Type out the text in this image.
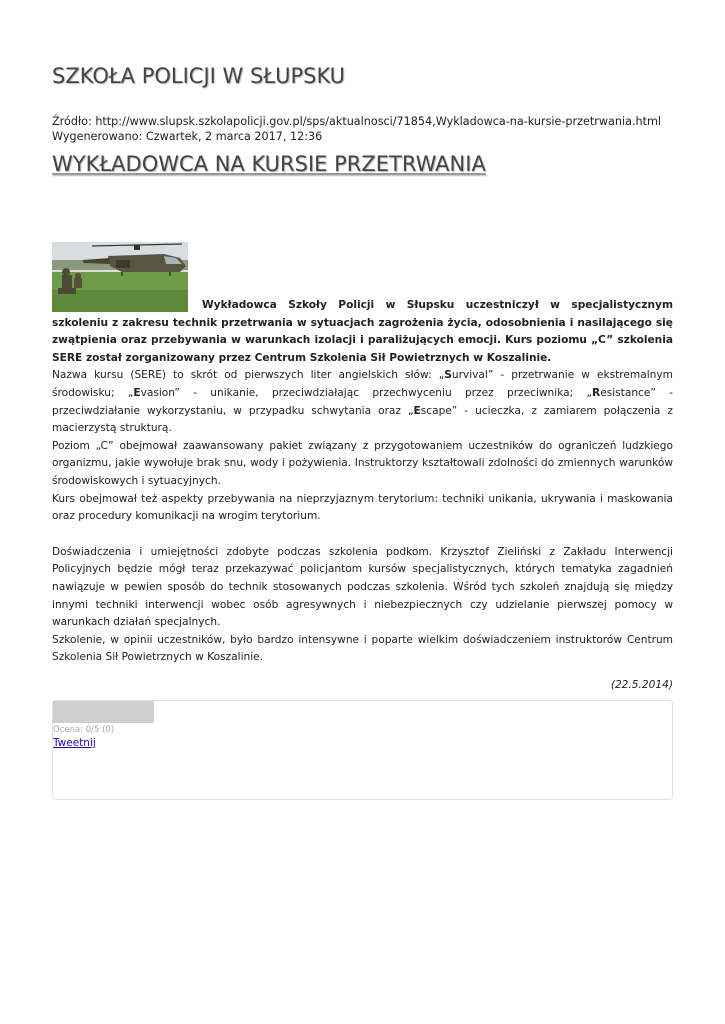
SZKOŁA POLICJI W SŁUPSKU
Źródło: http://www.slupsk.szkolapolicji.gov.pl/sps/aktualnosci/71854,Wykladowca-na-kursie-przetrwania.html
Wygenerowano: Czwartek, 2 marca 2017, 12:36
WYKŁADOWCA NA KURSIE PRZETRWANIA

Wykładowca Szkoły Policji w Słupsku uczestniczył w specjalistycznym szkoleniu z zakresu technik przetrwania w sytuacjach zagrożenia życia, odosobnienia i nasilającego się zwątpienia oraz przebywania w warunkach izolacji i paraliżujących emocji. Kurs poziomu „C” szkolenia SERE został zorganizowany przez Centrum Szkolenia Sił Powietrznych w Koszalinie.

Nazwa kursu (SERE) to skrót od pierwszych liter angielskich słów: „Survival” - przetrwanie w ekstremalnym środowisku; „Evasion” - unikanie, przeciwdziałając przechwyceniu przez przeciwnika; „Resistance” - przeciwdziałanie wykorzystaniu, w przypadku schwytania oraz „Escape” - ucieczka, z zamiarem połączenia z macierzystą strukturą.

Poziom „C” obejmował zaawansowany pakiet związany z przygotowaniem uczestników do ograniczeń ludzkiego organizmu, jakie wywołuje brak snu, wody i pożywienia. Instruktorzy kształtowali zdolności do zmiennych warunków środowiskowych i sytuacyjnych.

Kurs obejmował też aspekty przebywania na nieprzyjaznym terytorium: techniki unikania, ukrywania i maskowania oraz procedury komunikacji na wrogim terytorium.

Doświadczenia i umiejętności zdobyte podczas szkolenia podkom. Krzysztof Zieliński z Zakładu Interwencji Policyjnych będzie mógł teraz przekazywać policjantom kursów specjalistycznych, których tematyka zagadnień nawiązuje w pewien sposób do technik stosowanych podczas szkolenia. Wśród tych szkoleń znajdują się między innymi techniki interwencji wobec osób agresywnych i niebezpiecznych czy udzielanie pierwszej pomocy w warunkach działań specjalnych.

Szkolenie, w opinii uczestników, było bardzo intensywne i poparte wielkim doświadczeniem instruktorów Centrum Szkolenia Sił Powietrznych w Koszalinie.

(22.5.2014)

Ocena: 0/5 (0)
Tweetnij
